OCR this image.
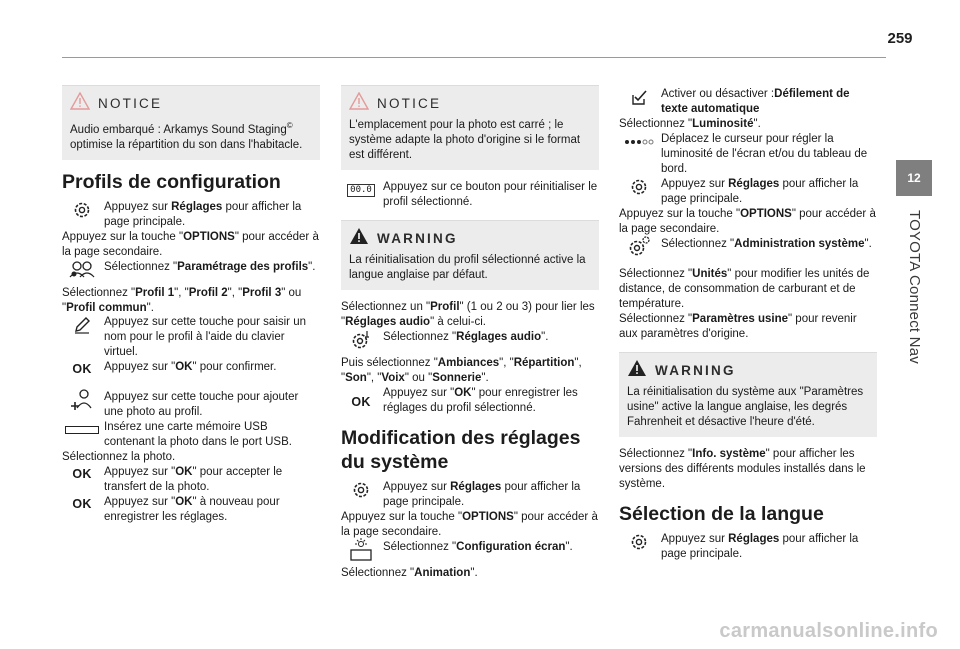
259
12
TOYOTA Connect Nav
NOTICE
Audio embarqué : Arkamys Sound Staging© optimise la répartition du son dans l'habitacle.
Profils de configuration
Appuyez sur Réglages pour afficher la page principale.

Appuyez sur la touche "OPTIONS" pour accéder à la page secondaire.

Sélectionnez "Paramétrage des profils".

Sélectionnez "Profil 1", "Profil 2", "Profil 3" ou "Profil commun".

Appuyez sur cette touche pour saisir un nom pour le profil à l'aide du clavier virtuel.
OK	Appuyez sur "OK" pour confirmer.
Appuyez sur cette touche pour ajouter une photo au profil.
Insérez une carte mémoire USB contenant la photo dans le port USB.

Sélectionnez la photo.

OK	Appuyez sur "OK" pour accepter le transfert de la photo.
OK	Appuyez sur "OK" à nouveau pour enregistrer les réglages.
NOTICE
L'emplacement pour la photo est carré ; le système adapte la photo d'origine si le format est différent.
00.0 Appuyez sur ce bouton pour réinitialiser le profil sélectionné.
WARNING
La réinitialisation du profil sélectionné active la langue anglaise par défaut.

Sélectionnez un "Profil" (1 ou 2 ou 3) pour lier les "Réglages audio" à celui-ci.

Sélectionnez "Réglages audio".

Puis sélectionnez "Ambiances", "Répartition", "Son", "Voix" ou "Sonnerie".

OK
Appuyez sur "OK" pour enregistrer les réglages du profil sélectionné.
Modification des réglages du système
Appuyez sur Réglages pour afficher la page principale.

Appuyez sur la touche "OPTIONS" pour accéder à la page secondaire.

Sélectionnez "Configuration écran".

Sélectionnez "Animation".

Activer ou désactiver :Défilement de texte automatique

Sélectionnez "Luminosité".

Déplacez le curseur pour régler la luminosité de l'écran et/ou du tableau de bord.
Appuyez sur Réglages pour afficher la page principale.

Appuyez sur la touche "OPTIONS" pour accéder à la page secondaire.

Sélectionnez "Administration système".

Sélectionnez "Unités" pour modifier les unités de distance, de consommation de carburant et de température.

Sélectionnez "Paramètres usine" pour revenir aux paramètres d'origine.

WARNING
La réinitialisation du système aux "Paramètres usine" active la langue anglaise, les degrés Fahrenheit et désactive l'heure d'été.

Sélectionnez "Info. système" pour afficher les versions des différents modules installés dans le système.

Sélection de la langue
Appuyez sur Réglages pour afficher la page principale.
carmanualsonline.info
